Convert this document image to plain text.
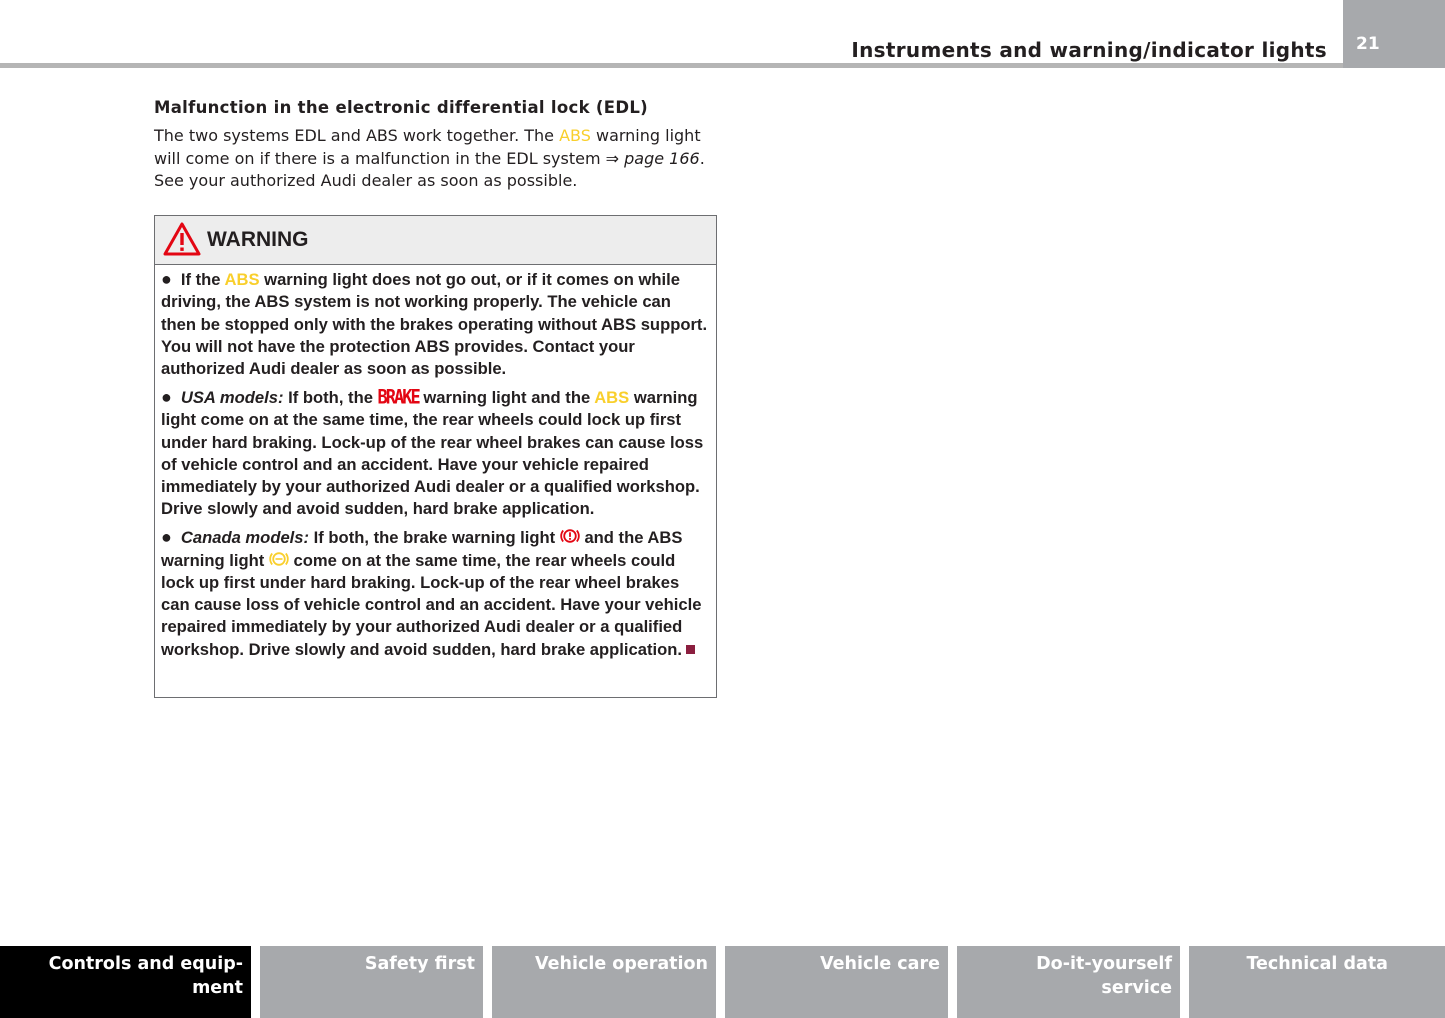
Instruments and warning/indicator lights 21
Malfunction in the electronic differential lock (EDL)

The two systems EDL and ABS work together. The ABS warning light will come on if there is a malfunction in the EDL system ⇒ page 166. See your authorized Audi dealer as soon as possible.

WARNING

● If the ABS warning light does not go out, or if it comes on while driving, the ABS system is not working properly. The vehicle can then be stopped only with the brakes operating without ABS support. You will not have the protection ABS provides. Contact your authorized Audi dealer as soon as possible.

● USA models: If both, the BRAKE warning light and the ABS warning light come on at the same time, the rear wheels could lock up first under hard braking. Lock-up of the rear wheel brakes can cause loss of vehicle control and an accident. Have your vehicle repaired immediately by your authorized Audi dealer or a qualified workshop. Drive slowly and avoid sudden, hard brake application.

● Canada models: If both, the brake warning light  and the ABS warning light  come on at the same time, the rear wheels could lock up first under hard braking. Lock-up of the rear wheel brakes can cause loss of vehicle control and an accident. Have your vehicle repaired immediately by your authorized Audi dealer or a qualified workshop. Drive slowly and avoid sudden, hard brake application.

Controls and equip-
ment
Safety first	Vehicle operation	Vehicle care	Do-it-yourself service
Technical data
